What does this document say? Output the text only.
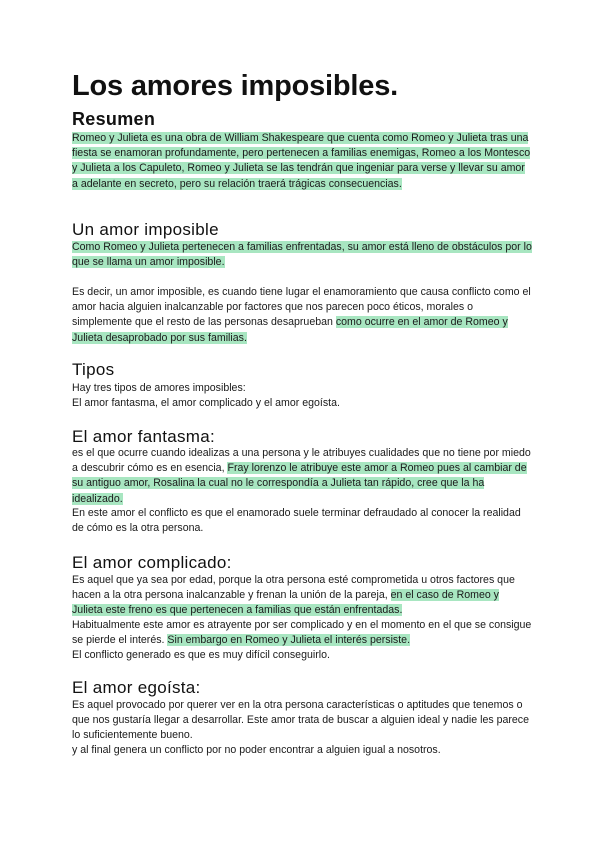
Los amores imposibles.
Resumen

Romeo y Julieta es una obra de William Shakespeare que cuenta como Romeo y Julieta tras una fiesta se enamoran profundamente, pero pertenecen a familias enemigas, Romeo a los Montesco y Julieta a los Capuleto, Romeo y Julieta se las tendrán que ingeniar para verse y llevar su amor a adelante en secreto, pero su relación traerá trágicas consecuencias.

Un amor imposible

Como Romeo y Julieta pertenecen a familias enfrentadas, su amor está lleno de obstáculos por lo que se llama un amor imposible.

Es decir, un amor imposible, es cuando tiene lugar el enamoramiento que causa conflicto como el amor hacia alguien inalcanzable por factores que nos parecen poco éticos, morales o simplemente que el resto de las personas desaprueban como ocurre en el amor de Romeo y Julieta desaprobado por sus familias.

Tipos

Hay tres tipos de amores imposibles:

El amor fantasma, el amor complicado y el amor egoísta.

El amor fantasma:

es el que ocurre cuando idealizas a una persona y le atribuyes cualidades que no tiene por miedo a descubrir cómo es en esencia, Fray lorenzo le atribuye este amor a Romeo pues al cambiar de su antiguo amor, Rosalina la cual no le correspondía a Julieta tan rápido, cree que la ha idealizado.

En este amor el conflicto es que el enamorado suele terminar defraudado al conocer la realidad de cómo es la otra persona.

El amor complicado:

Es aquel que ya sea por edad, porque la otra persona esté comprometida u otros factores que hacen a la otra persona inalcanzable y frenan la unión de la pareja, en el caso de Romeo y Julieta este freno es que pertenecen a familias que están enfrentadas.

Habitualmente este amor es atrayente por ser complicado y en el momento en el que se consigue se pierde el interés. Sin embargo en Romeo y Julieta el interés persiste.

El conflicto generado es que es muy difícil conseguirlo.

El amor egoísta:

Es aquel provocado por querer ver en la otra persona características o aptitudes que tenemos o que nos gustaría llegar a desarrollar. Este amor trata de buscar a alguien ideal y nadie les parece lo suficientemente bueno.

y al final genera un conflicto por no poder encontrar a alguien igual a nosotros.
